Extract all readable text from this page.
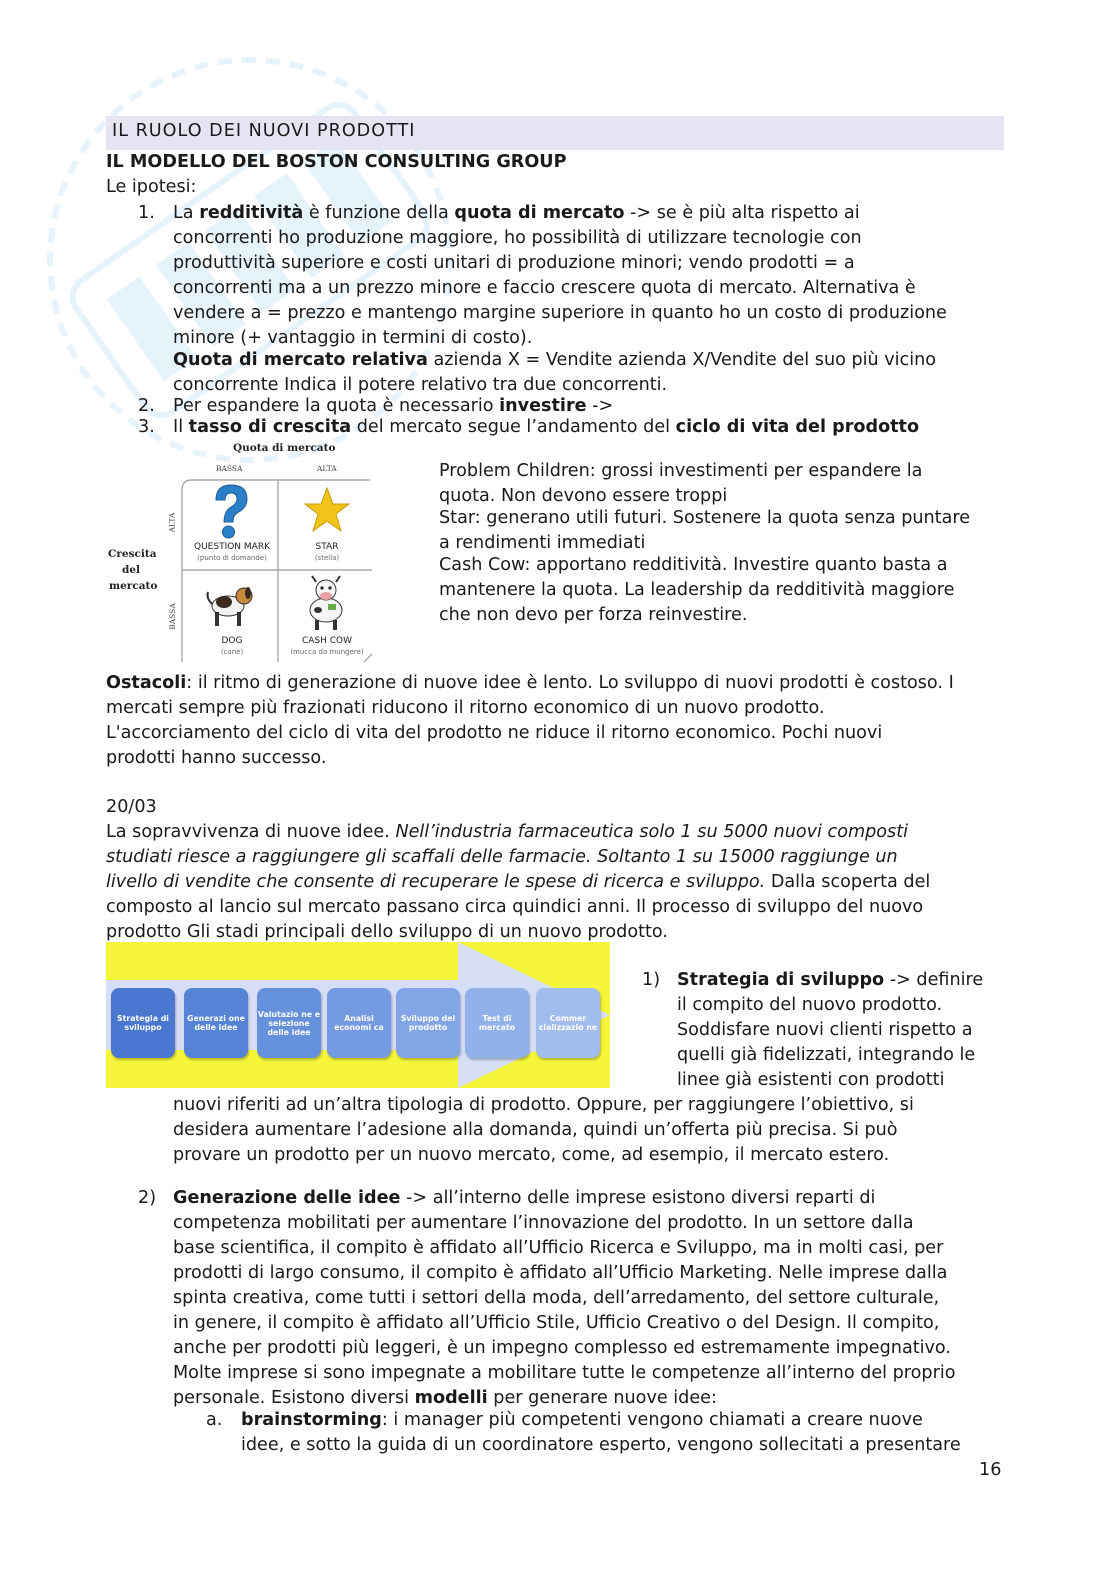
IL RUOLO DEI NUOVI PRODOTTI
IL MODELLO DEL BOSTON CONSULTING GROUP
Le ipotesi:
1. La redditività è funzione della quota di mercato -> se è più alta rispetto ai
concorrenti ho produzione maggiore, ho possibilità di utilizzare tecnologie con
produttività superiore e costi unitari di produzione minori; vendo prodotti = a
concorrenti ma a un prezzo minore e faccio crescere quota di mercato. Alternativa è
vendere a = prezzo e mantengo margine superiore in quanto ho un costo di produzione
minore (+ vantaggio in termini di costo).
Quota di mercato relativa azienda X = Vendite azienda X/Vendite del suo più vicino
concorrente Indica il potere relativo tra due concorrenti.
2. Per espandere la quota è necessario investire ->
3. Il tasso di crescita del mercato segue l’andamento del ciclo di vita del prodotto
Quota di mercato
BASSA	ALTA
ALTA
BASSA
Crescita
del
mercato
QUESTION MARK
(punto di domande)
STAR
(stella)
DOG
(cane)
CASH COW
(mucca da mungere)
Problem Children: grossi investimenti per espandere la
quota. Non devono essere troppi
Star: generano utili futuri. Sostenere la quota senza puntare
a rendimenti immediati
Cash Cow: apportano redditività. Investire quanto basta a
mantenere la quota. La leadership da redditività maggiore
che non devo per forza reinvestire.
Ostacoli: il ritmo di generazione di nuove idee è lento. Lo sviluppo di nuovi prodotti è costoso. I
mercati sempre più frazionati riducono il ritorno economico di un nuovo prodotto.
L'accorciamento del ciclo di vita del prodotto ne riduce il ritorno economico. Pochi nuovi
prodotti hanno successo.
20/03
La sopravvivenza di nuove idee. Nell’industria farmaceutica solo 1 su 5000 nuovi composti
studiati riesce a raggiungere gli scaffali delle farmacie. Soltanto 1 su 15000 raggiunge un
livello di vendite che consente di recuperare le spese di ricerca e sviluppo. Dalla scoperta del
composto al lancio sul mercato passano circa quindici anni. Il processo di sviluppo del nuovo
prodotto Gli stadi principali dello sviluppo di un nuovo prodotto.
Strategia di sviluppo
Generazi one delle idee
Valutazio ne e selezione delle idee
Analisi economi ca
Sviluppo del prodotto
Test di mercato
Commer cializzazio ne
1) Strategia di sviluppo -> definire
il compito del nuovo prodotto.
Soddisfare nuovi clienti rispetto a
quelli già fidelizzati, integrando le
linee già esistenti con prodotti
nuovi riferiti ad un’altra tipologia di prodotto. Oppure, per raggiungere l’obiettivo, si
desidera aumentare l’adesione alla domanda, quindi un’offerta più precisa. Si può
provare un prodotto per un nuovo mercato, come, ad esempio, il mercato estero.
2) Generazione delle idee -> all’interno delle imprese esistono diversi reparti di
competenza mobilitati per aumentare l’innovazione del prodotto. In un settore dalla
base scientifica, il compito è affidato all’Ufficio Ricerca e Sviluppo, ma in molti casi, per
prodotti di largo consumo, il compito è affidato all’Ufficio Marketing. Nelle imprese dalla
spinta creativa, come tutti i settori della moda, dell’arredamento, del settore culturale,
in genere, il compito è affidato all’Ufficio Stile, Ufficio Creativo o del Design. Il compito,
anche per prodotti più leggeri, è un impegno complesso ed estremamente impegnativo.
Molte imprese si sono impegnate a mobilitare tutte le competenze all’interno del proprio
personale. Esistono diversi modelli per generare nuove idee:
a. brainstorming: i manager più competenti vengono chiamati a creare nuove
idee, e sotto la guida di un coordinatore esperto, vengono sollecitati a presentare
16
